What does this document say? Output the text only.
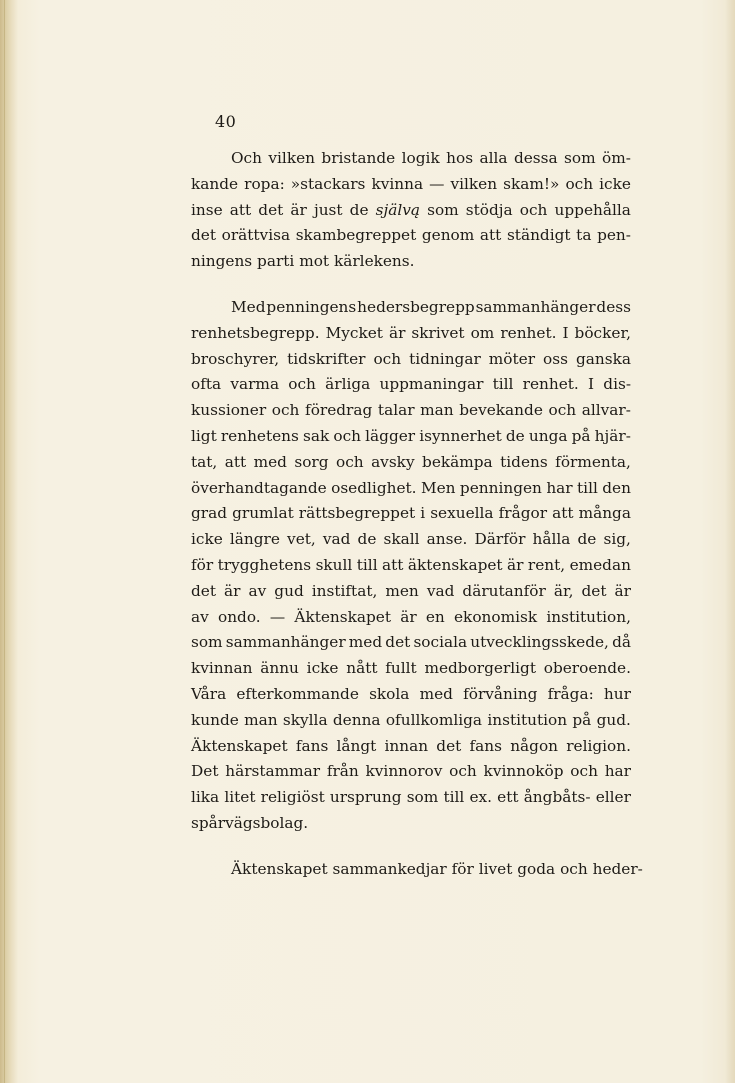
40
Och vilken bristande logik hos alla dessa som öm-
kande ropa: »stackars kvinna — vilken skam!» och icke
inse att det är just de självą som stödja och uppehålla
det orättvisa skambegreppet genom att ständigt ta pen-
ningens parti mot kärlekens.
Med penningens hedersbegrepp sammanhänger dess
renhetsbegrepp. Mycket är skrivet om renhet. I böcker,
broschyrer, tidskrifter och tidningar möter oss ganska
ofta varma och ärliga uppmaningar till renhet. I dis-
kussioner och föredrag talar man bevekande och allvar-
ligt renhetens sak och lägger isynnerhet de unga på hjär-
tat, att med sorg och avsky bekämpa tidens förmenta,
överhandtagande osedlighet. Men penningen har till den
grad grumlat rättsbegreppet i sexuella frågor att många
icke längre vet, vad de skall anse. Därför hålla de sig,
för trygghetens skull till att äktenskapet är rent, emedan
det är av gud instiftat, men vad därutanför är, det är
av ondo. — Äktenskapet är en ekonomisk institution,
som sammanhänger med det sociala utvecklingsskede, då
kvinnan ännu icke nått fullt medborgerligt oberoende.
Våra efterkommande skola med förvåning fråga: hur
kunde man skylla denna ofullkomliga institution på gud.
Äktenskapet fans långt innan det fans någon religion.
Det härstammar från kvinnorov och kvinnoköp och har
lika litet religiöst ursprung som till ex. ett ångbåts- eller
spårvägsbolag.
Äktenskapet sammankedjar för livet goda och heder-
